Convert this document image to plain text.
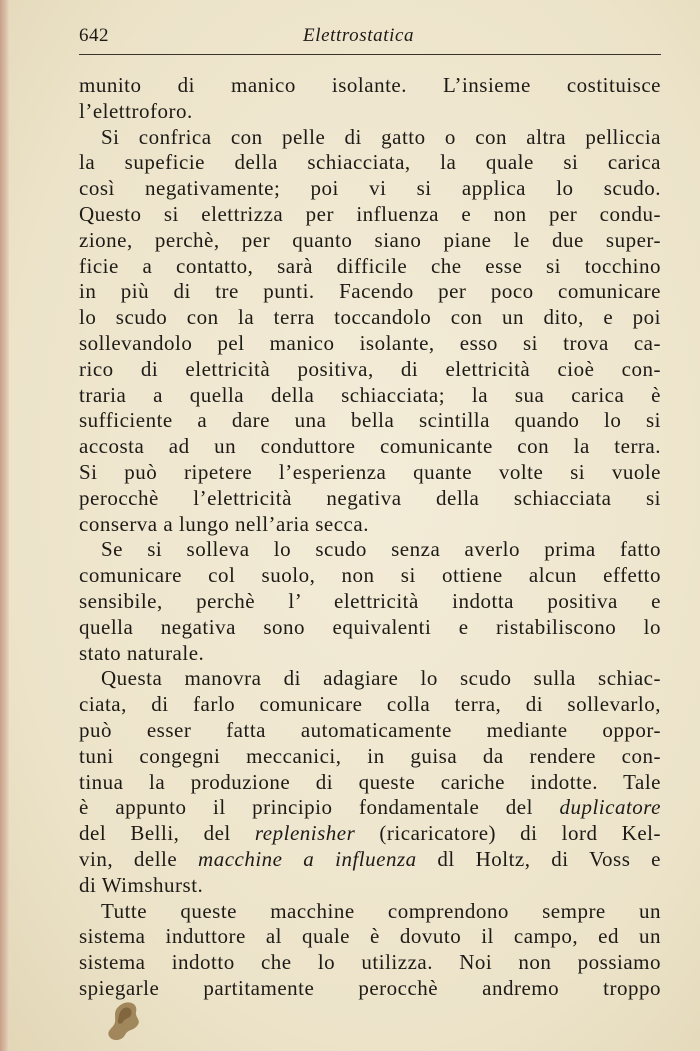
642	Elettrostatica
munito di manico isolante. L’insieme costituisce
l’elettroforo.
Si confrica con pelle di gatto o con altra pelliccia
la supeficie della schiacciata, la quale si carica
così negativamente; poi vi si applica lo scudo.
Questo si elettrizza per influenza e non per condu-
zione, perchè, per quanto siano piane le due super-
ficie a contatto, sarà difficile che esse si tocchino
in più di tre punti. Facendo per poco comunicare
lo scudo con la terra toccandolo con un dito, e poi
sollevandolo pel manico isolante, esso si trova ca-
rico di elettricità positiva, di elettricità cioè con-
traria a quella della schiacciata; la sua carica è
sufficiente a dare una bella scintilla quando lo si
accosta ad un conduttore comunicante con la terra.
Si può ripetere l’esperienza quante volte si vuole
perocchè l’elettricità negativa della schiacciata si
conserva a lungo nell’aria secca.
Se si solleva lo scudo senza averlo prima fatto
comunicare col suolo, non si ottiene alcun effetto
sensibile, perchè l’ elettricità indotta positiva e
quella negativa sono equivalenti e ristabiliscono lo
stato naturale.
Questa manovra di adagiare lo scudo sulla schiac-
ciata, di farlo comunicare colla terra, di sollevarlo,
può esser fatta automaticamente mediante oppor-
tuni congegni meccanici, in guisa da rendere con-
tinua la produzione di queste cariche indotte. Tale
è appunto il principio fondamentale del duplicatore
del Belli, del replenisher (ricaricatore) di lord Kel-
vin, delle macchine a influenza dl Holtz, di Voss e
di Wimshurst.
Tutte queste macchine comprendono sempre un
sistema induttore al quale è dovuto il campo, ed un
sistema indotto che lo utilizza. Noi non possiamo
spiegarle partitamente perocchè andremo troppo
